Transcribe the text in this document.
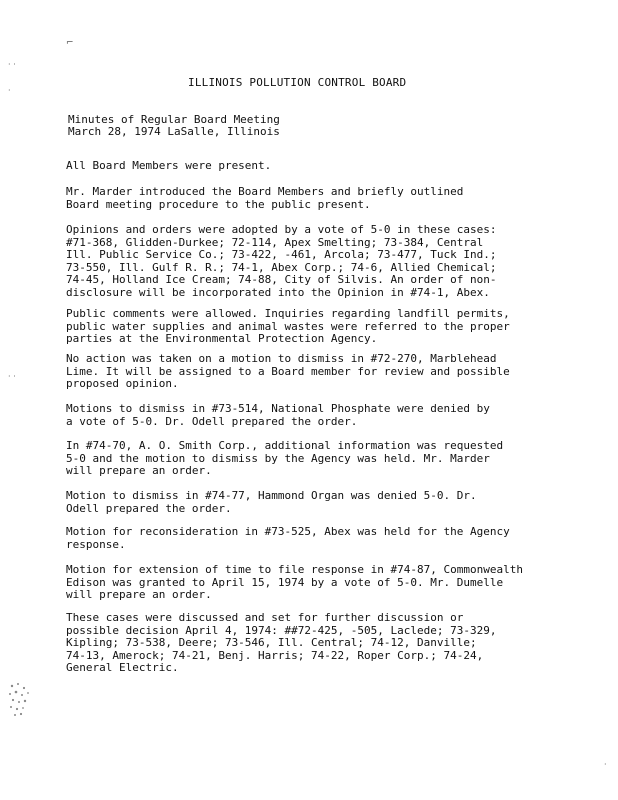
⌐
· ·
·
· ·
·
ILLINOIS POLLUTION CONTROL BOARD
Minutes of Regular Board Meeting
March 28, 1974 LaSalle, Illinois
All Board Members were present.
Mr. Marder introduced the Board Members and briefly outlined
Board meeting procedure to the public present.
Opinions and orders were adopted by a vote of 5-0 in these cases:
#71-368, Glidden-Durkee; 72-114, Apex Smelting; 73-384, Central
Ill. Public Service Co.; 73-422, -461, Arcola; 73-477, Tuck Ind.;
73-550, Ill. Gulf R. R.; 74-1, Abex Corp.; 74-6, Allied Chemical;
74-45, Holland Ice Cream; 74-88, City of Silvis. An order of non-
disclosure will be incorporated into the Opinion in #74-1, Abex.
Public comments were allowed. Inquiries regarding landfill permits,
public water supplies and animal wastes were referred to the proper
parties at the Environmental Protection Agency.
No action was taken on a motion to dismiss in #72-270, Marblehead
Lime. It will be assigned to a Board member for review and possible
proposed opinion.
Motions to dismiss in #73-514, National Phosphate were denied by
a vote of 5-0. Dr. Odell prepared the order.
In #74-70, A. O. Smith Corp., additional information was requested
5-0 and the motion to dismiss by the Agency was held. Mr. Marder
will prepare an order.
Motion to dismiss in #74-77, Hammond Organ was denied 5-0. Dr.
Odell prepared the order.
Motion for reconsideration in #73-525, Abex was held for the Agency
response.
Motion for extension of time to file response in #74-87, Commonwealth
Edison was granted to April 15, 1974 by a vote of 5-0. Mr. Dumelle
will prepare an order.
These cases were discussed and set for further discussion or
possible decision April 4, 1974: ##72-425, -505, Laclede; 73-329,
Kipling; 73-538, Deere; 73-546, Ill. Central; 74-12, Danville;
74-13, Amerock; 74-21, Benj. Harris; 74-22, Roper Corp.; 74-24,
General Electric.
